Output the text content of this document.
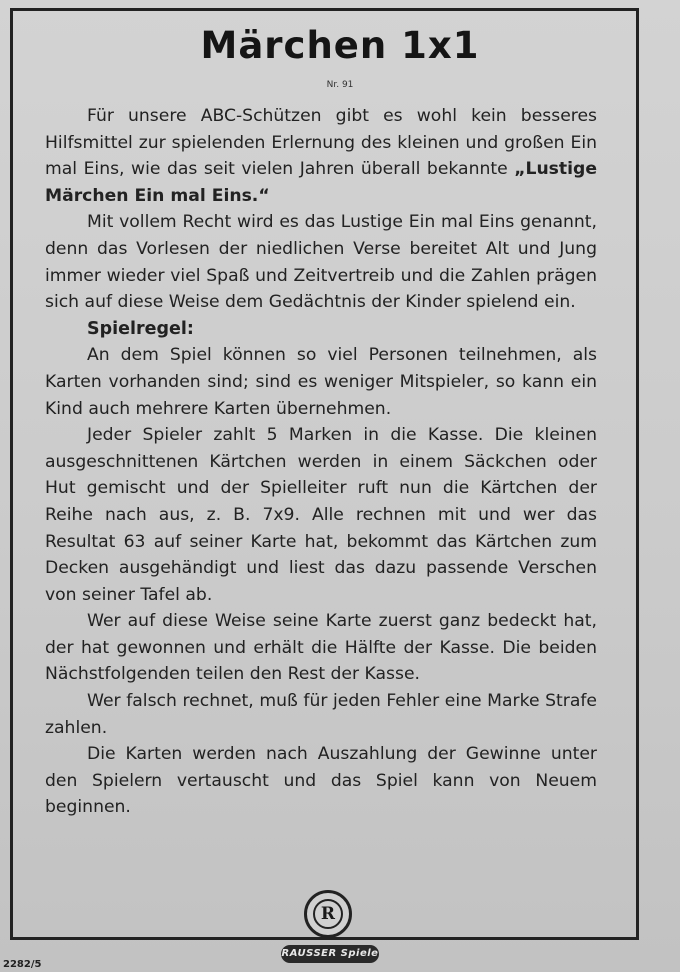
Märchen 1x1
Nr. 91

Für unsere ABC-Schützen gibt es wohl kein besseres Hilfsmittel zur spielenden Erlernung des kleinen und großen Ein mal Eins, wie das seit vielen Jahren überall bekannte „Lustige Märchen Ein mal Eins.“

Mit vollem Recht wird es das Lustige Ein mal Eins genannt, denn das Vorlesen der niedlichen Verse bereitet Alt und Jung immer wieder viel Spaß und Zeitvertreib und die Zahlen prägen sich auf diese Weise dem Gedächtnis der Kinder spielend ein.

Spielregel:

An dem Spiel können so viel Personen teilnehmen, als Karten vorhanden sind; sind es weniger Mitspieler, so kann ein Kind auch mehrere Karten übernehmen.

Jeder Spieler zahlt 5 Marken in die Kasse. Die kleinen ausgeschnittenen Kärtchen werden in einem Säckchen oder Hut gemischt und der Spielleiter ruft nun die Kärtchen der Reihe nach aus, z. B. 7x9. Alle rechnen mit und wer das Resultat 63 auf seiner Karte hat, bekommt das Kärtchen zum Decken ausgehändigt und liest das dazu passende Verschen von seiner Tafel ab.

Wer auf diese Weise seine Karte zuerst ganz bedeckt hat, der hat gewonnen und erhält die Hälfte der Kasse. Die beiden Nächstfolgenden teilen den Rest der Kasse.

Wer falsch rechnet, muß für jeden Fehler eine Marke Strafe zahlen.

Die Karten werden nach Auszahlung der Gewinne unter den Spielern vertauscht und das Spiel kann von Neuem beginnen.

R
RAUSSER Spiele
2282/5
